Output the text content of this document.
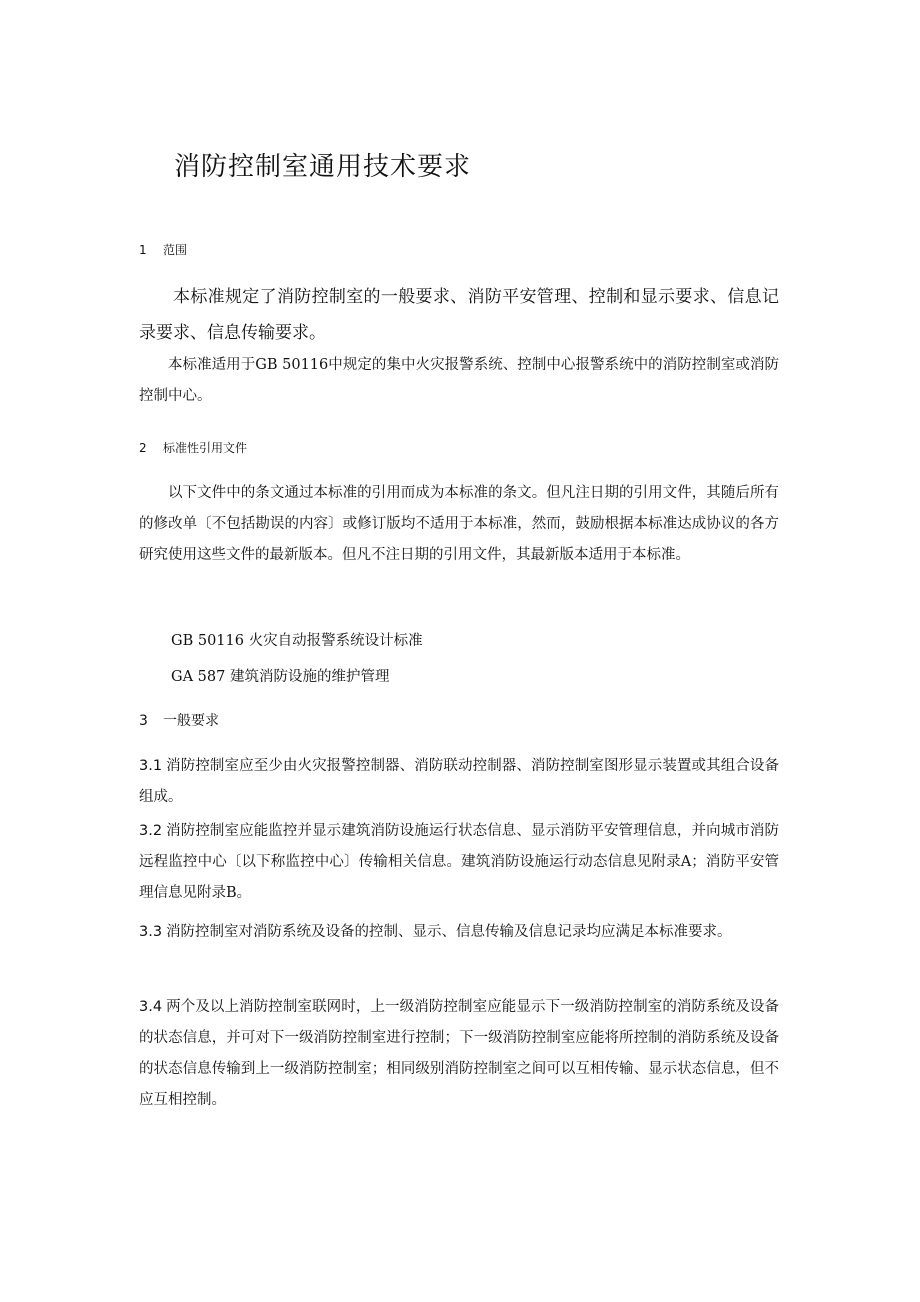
消防控制室通用技术要求
1 范围

本标准规定了消防控制室的一般要求、消防平安管理、控制和显示要求、信息记录要求、信息传输要求。

本标准适用于GB 50116中规定的集中火灾报警系统、控制中心报警系统中的消防控制室或消防控制中心。

2 标准性引用文件

以下文件中的条文通过本标准的引用而成为本标准的条文。但凡注日期的引用文件，其随后所有的修改单〔不包括勘误的内容〕或修订版均不适用于本标准，然而，鼓励根据本标准达成协议的各方研究使用这些文件的最新版本。但凡不注日期的引用文件，其最新版本适用于本标准。

GB 50116 火灾自动报警系统设计标准

GA 587 建筑消防设施的维护管理

3 一般要求

3.1 消防控制室应至少由火灾报警控制器、消防联动控制器、消防控制室图形显示装置或其组合设备组成。

3.2 消防控制室应能监控并显示建筑消防设施运行状态信息、显示消防平安管理信息，并向城市消防远程监控中心〔以下称监控中心〕传输相关信息。建筑消防设施运行动态信息见附录A；消防平安管理信息见附录B。

3.3 消防控制室对消防系统及设备的控制、显示、信息传输及信息记录均应满足本标准要求。

3.4 两个及以上消防控制室联网时，上一级消防控制室应能显示下一级消防控制室的消防系统及设备的状态信息，并可对下一级消防控制室进行控制；下一级消防控制室应能将所控制的消防系统及设备的状态信息传输到上一级消防控制室；相同级别消防控制室之间可以互相传输、显示状态信息，但不应互相控制。
